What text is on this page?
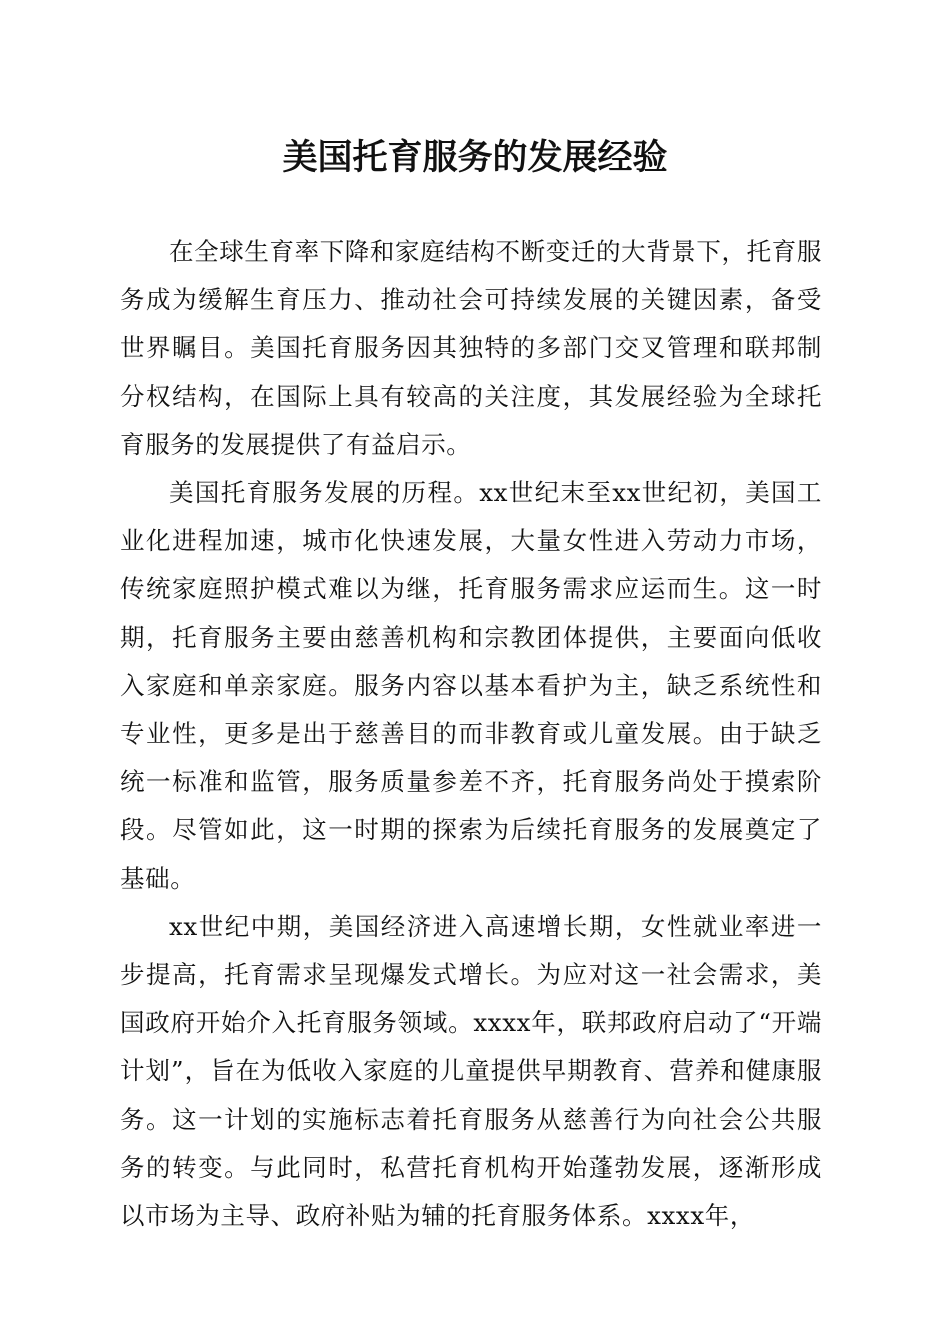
美国托育服务的发展经验

在全球生育率下降和家庭结构不断变迁的大背景下，托育服务成为缓解生育压力、推动社会可持续发展的关键因素，备受世界瞩目。美国托育服务因其独特的多部门交叉管理和联邦制分权结构，在国际上具有较高的关注度，其发展经验为全球托育服务的发展提供了有益启示。

美国托育服务发展的历程。xx世纪末至xx世纪初，美国工业化进程加速，城市化快速发展，大量女性进入劳动力市场，传统家庭照护模式难以为继，托育服务需求应运而生。这一时期，托育服务主要由慈善机构和宗教团体提供，主要面向低收入家庭和单亲家庭。服务内容以基本看护为主，缺乏系统性和专业性，更多是出于慈善目的而非教育或儿童发展。由于缺乏统一标准和监管，服务质量参差不齐，托育服务尚处于摸索阶段。尽管如此，这一时期的探索为后续托育服务的发展奠定了基础。

xx世纪中期，美国经济进入高速增长期，女性就业率进一步提高，托育需求呈现爆发式增长。为应对这一社会需求，美国政府开始介入托育服务领域。xxxx年，联邦政府启动了“开端计划”，旨在为低收入家庭的儿童提供早期教育、营养和健康服务。这一计划的实施标志着托育服务从慈善行为向社会公共服务的转变。与此同时，私营托育机构开始蓬勃发展，逐渐形成以市场为主导、政府补贴为辅的托育服务体系。xxxx年，
